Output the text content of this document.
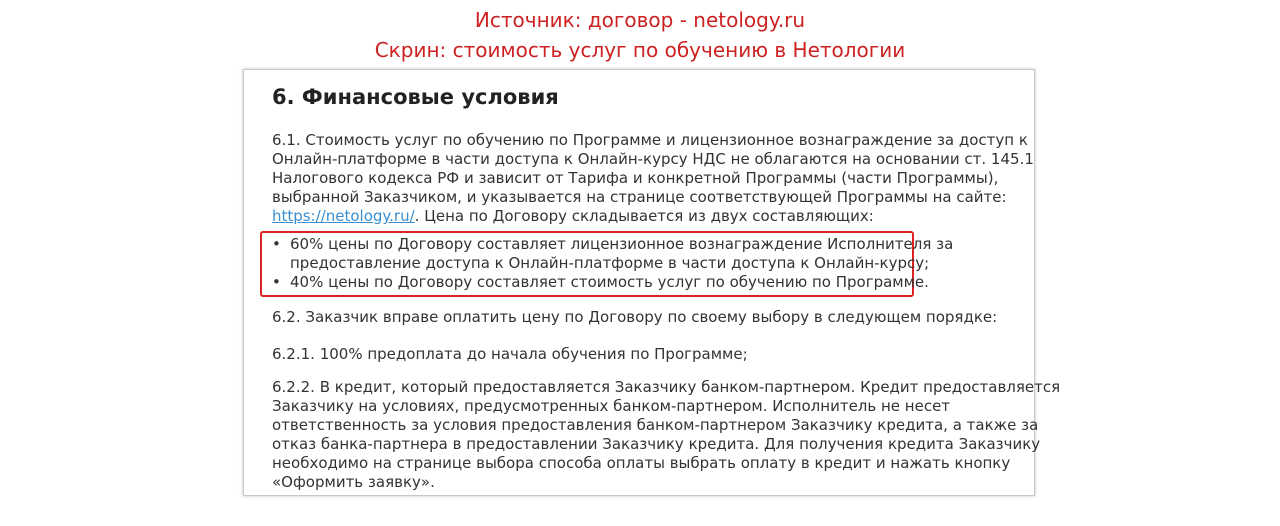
Источник: договор - netology.ru
Скрин: стоимость услуг по обучению в Нетологии
6. Финансовые условия
6.1. Стоимость услуг по обучению по Программе и лицензионное вознаграждение за доступ к
Онлайн-платформе в части доступа к Онлайн-курсу НДС не облагаются на основании ст. 145.1
Налогового кодекса РФ и зависит от Тарифа и конкретной Программы (части Программы),
выбранной Заказчиком, и указывается на странице соответствующей Программы на сайте:
https://netology.ru/. Цена по Договору складывается из двух составляющих:
• 60% цены по Договору составляет лицензионное вознаграждение Исполнителя за
предоставление доступа к Онлайн-платформе в части доступа к Онлайн-курсу;
• 40% цены по Договору составляет стоимость услуг по обучению по Программе.
6.2. Заказчик вправе оплатить цену по Договору по своему выбору в следующем порядке:
6.2.1. 100% предоплата до начала обучения по Программе;
6.2.2. В кредит, который предоставляется Заказчику банком-партнером. Кредит предоставляется
Заказчику на условиях, предусмотренных банком-партнером. Исполнитель не несет
ответственность за условия предоставления банком-партнером Заказчику кредита, а также за
отказ банка-партнера в предоставлении Заказчику кредита. Для получения кредита Заказчику
необходимо на странице выбора способа оплаты выбрать оплату в кредит и нажать кнопку
«Оформить заявку».
